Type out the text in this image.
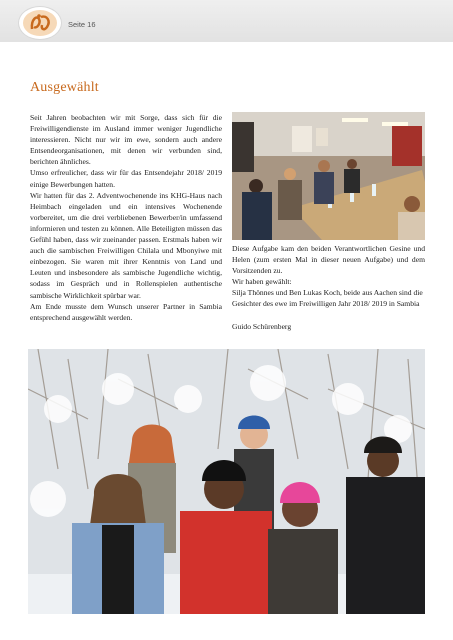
Seite 16
Ausgewählt

Seit Jahren beobachten wir mit Sorge, dass sich für die Freiwilligendienste im Ausland immer weniger Jugendliche interessieren. Nicht nur wir im ewe, sondern auch andere Entsendeorganisationen, mit denen wir verbunden sind, berichten ähnliches.

Umso erfreulicher, dass wir für das Entsendejahr 2018/ 2019 einige Bewerbungen hatten.

Wir hatten für das 2. Adventwochenende ins KHG-Haus nach Heimbach eingeladen und ein intensives Wochenende vorbereitet, um die drei verbliebenen Bewerber/in umfassend informieren und testen zu können. Alle Beteiligten müssen das Gefühl haben, dass wir zueinander passen. Erstmals haben wir auch die sambischen Freiwilligen Chilala und Mbonyiwe mit einbezogen. Sie waren mit ihrer Kenntnis von Land und Leuten und insbesondere als sambische Jugendliche wichtig, sodass im Gespräch und in Rollenspielen authentische sambische Wirklichkeit spürbar war.

Am Ende musste dem Wunsch unserer Partner in Sambia entsprechend ausgewählt werden.

Diese Aufgabe kam den beiden Verantwortlichen Gesine und Helen (zum ersten Mal in dieser neuen Aufgabe) und dem Vorsitzenden zu.

Wir haben gewählt:

Silja Thönnes und Ben Lukas Koch, beide aus Aachen sind die Gesichter des ewe im Freiwilligen Jahr 2018/ 2019 in Sambia

Guido Schürenberg
